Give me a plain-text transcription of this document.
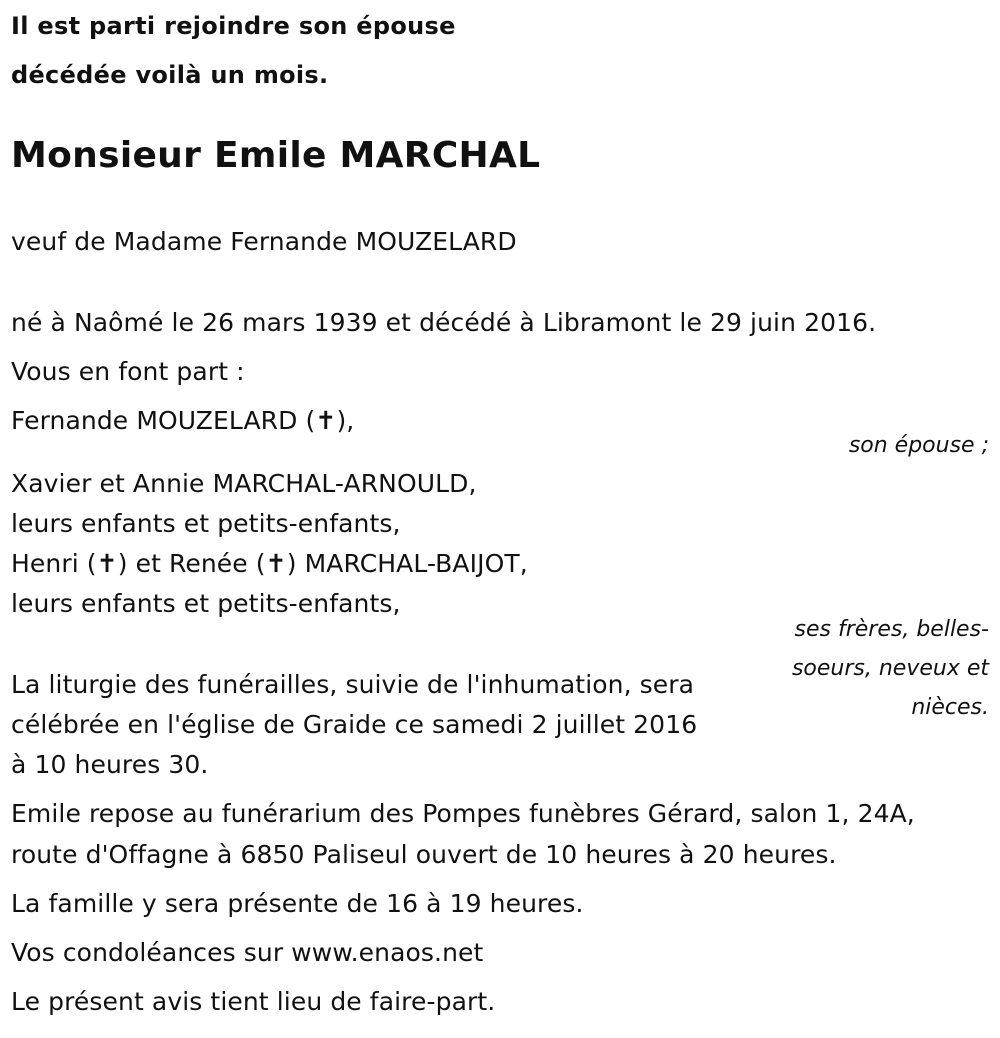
Il est parti rejoindre son épouse
décédée voilà un mois.
Monsieur Emile MARCHAL
veuf de Madame Fernande MOUZELARD
né à Naômé le 26 mars 1939 et décédé à Libramont le 29 juin 2016.
Vous en font part :
Fernande MOUZELARD (✝),
son épouse ;
Xavier et Annie MARCHAL-ARNOULD,
leurs enfants et petits-enfants,
Henri (✝) et Renée (✝) MARCHAL-BAIJOT,
leurs enfants et petits-enfants,
ses frères, belles-
soeurs, neveux et
nièces.
La liturgie des funérailles, suivie de l'inhumation, sera
célébrée en l'église de Graide ce samedi 2 juillet 2016
à 10 heures 30.
Emile repose au funérarium des Pompes funèbres Gérard, salon 1, 24A,
route d'Offagne à 6850 Paliseul ouvert de 10 heures à 20 heures.
La famille y sera présente de 16 à 19 heures.
Vos condoléances sur www.enaos.net
Le présent avis tient lieu de faire-part.
